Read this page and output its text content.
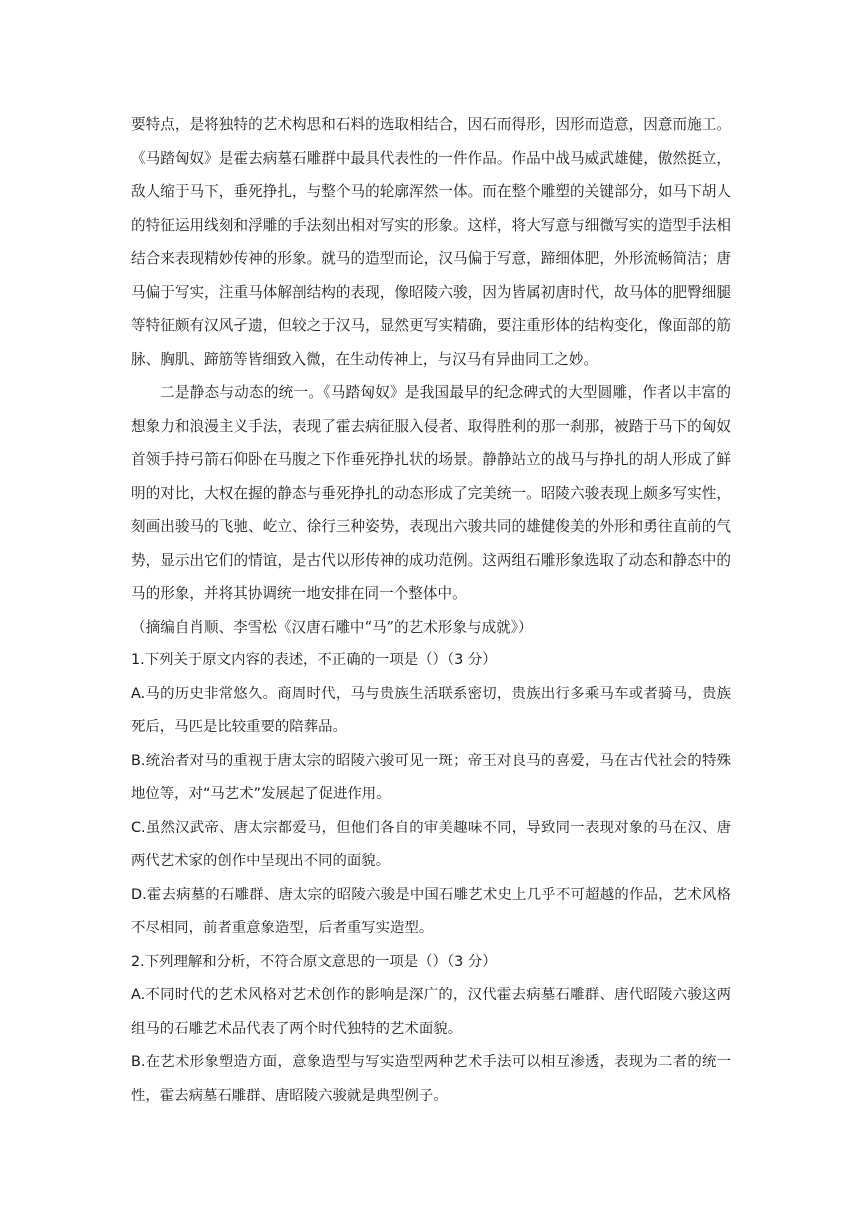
要特点，是将独特的艺术构思和石料的选取相结合，因石而得形，因形而造意，因意而施工。《马踏匈奴》是霍去病墓石雕群中最具代表性的一件作品。作品中战马威武雄健，傲然挺立，敌人缩于马下，垂死挣扎，与整个马的轮廓浑然一体。而在整个雕塑的关键部分，如马下胡人的特征运用线刻和浮雕的手法刻出相对写实的形象。这样，将大写意与细微写实的造型手法相结合来表现精妙传神的形象。就马的造型而论，汉马偏于写意，蹄细体肥，外形流畅简洁；唐马偏于写实，注重马体解剖结构的表现，像昭陵六骏，因为皆属初唐时代，故马体的肥臀细腿等特征颇有汉风孑遗，但较之于汉马，显然更写实精确，要注重形体的结构变化，像面部的筋脉、胸肌、蹄筋等皆细致入微，在生动传神上，与汉马有异曲同工之妙。

二是静态与动态的统一。《马踏匈奴》是我国最早的纪念碑式的大型圆雕，作者以丰富的想象力和浪漫主义手法，表现了霍去病征服入侵者、取得胜利的那一刹那，被踏于马下的匈奴首领手持弓箭石仰卧在马腹之下作垂死挣扎状的场景。静静站立的战马与挣扎的胡人形成了鲜明的对比，大权在握的静态与垂死挣扎的动态形成了完美统一。昭陵六骏表现上颇多写实性，刻画出骏马的飞驰、屹立、徐行三种姿势，表现出六骏共同的雄健俊美的外形和勇往直前的气势，显示出它们的情谊，是古代以形传神的成功范例。这两组石雕形象选取了动态和静态中的马的形象，并将其协调统一地安排在同一个整体中。

（摘编自肖顺、李雪松《汉唐石雕中“马”的艺术形象与成就》）

1.下列关于原文内容的表述，不正确的一项是（）（3 分）

A.马的历史非常悠久。商周时代，马与贵族生活联系密切，贵族出行多乘马车或者骑马，贵族死后，马匹是比较重要的陪葬品。

B.统治者对马的重视于唐太宗的昭陵六骏可见一斑；帝王对良马的喜爱，马在古代社会的特殊地位等，对“马艺术”发展起了促进作用。

C.虽然汉武帝、唐太宗都爱马，但他们各自的审美趣味不同，导致同一表现对象的马在汉、唐两代艺术家的创作中呈现出不同的面貌。

D.霍去病墓的石雕群、唐太宗的昭陵六骏是中国石雕艺术史上几乎不可超越的作品，艺术风格不尽相同，前者重意象造型，后者重写实造型。

2.下列理解和分析，不符合原文意思的一项是（）（3 分）

A.不同时代的艺术风格对艺术创作的影响是深广的，汉代霍去病墓石雕群、唐代昭陵六骏这两组马的石雕艺术品代表了两个时代独特的艺术面貌。

B.在艺术形象塑造方面，意象造型与写实造型两种艺术手法可以相互渗透，表现为二者的统一性，霍去病墓石雕群、唐昭陵六骏就是典型例子。
